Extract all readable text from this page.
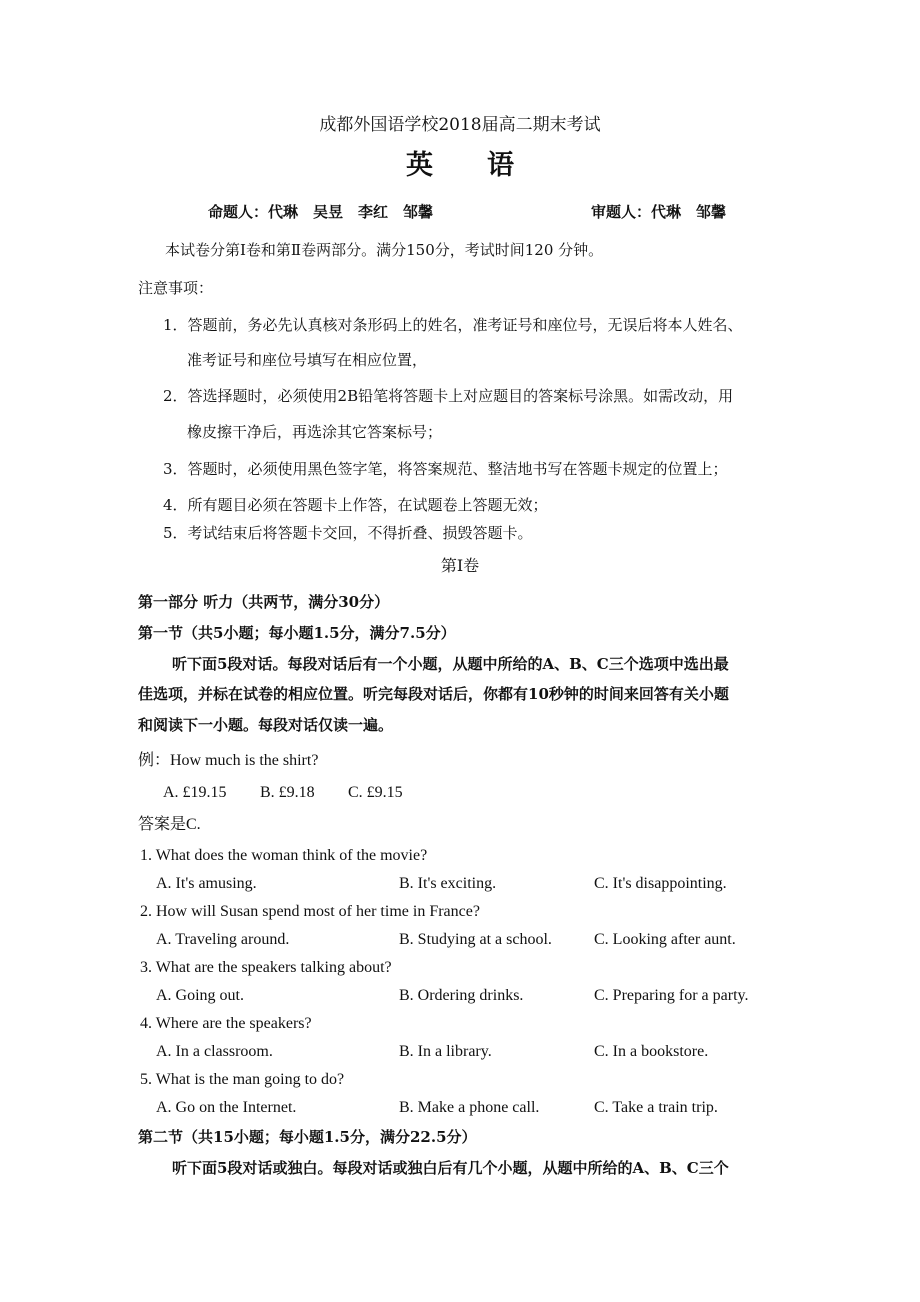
成都外国语学校2018届高二期末考试
英　　语
命题人：代琳　吴昱　李红　邹馨	审题人：代琳　邹馨
本试卷分第Ⅰ卷和第Ⅱ卷两部分。满分150分，考试时间120 分钟。
注意事项：
1．答题前，务必先认真核对条形码上的姓名，准考证号和座位号，无误后将本人姓名、
准考证号和座位号填写在相应位置，
2．答选择题时，必须使用2B铅笔将答题卡上对应题目的答案标号涂黑。如需改动，用
橡皮擦干净后，再选涂其它答案标号；
3．答题时，必须使用黑色签字笔，将答案规范、整洁地书写在答题卡规定的位置上；
4．所有题目必须在答题卡上作答，在试题卷上答题无效；
5．考试结束后将答题卡交回，不得折叠、损毁答题卡。
第Ⅰ卷
第一部分 听力（共两节，满分30分）
第一节（共5小题；每小题1.5分，满分7.5分）
听下面5段对话。每段对话后有一个小题，从题中所给的A、B、C三个选项中选出最
佳选项，并标在试卷的相应位置。听完每段对话后，你都有10秒钟的时间来回答有关小题
和阅读下一小题。每段对话仅读一遍。
例：How much is the shirt?
A. £19.15 B. £9.18 C. £9.15
答案是C.
1. What does the woman think of the movie?
A. It's amusing.	B. It's exciting.	C. It's disappointing.
2. How will Susan spend most of her time in France?
A. Traveling around.	B. Studying at a school.	C. Looking after aunt.
3. What are the speakers talking about?
A. Going out.	B. Ordering drinks.	C. Preparing for a party.
4. Where are the speakers?
A. In a classroom.	B. In a library.	C. In a bookstore.
5. What is the man going to do?
A. Go on the Internet.	B. Make a phone call.	C. Take a train trip.
第二节（共15小题；每小题1.5分，满分22.5分）
听下面5段对话或独白。每段对话或独白后有几个小题，从题中所给的A、B、C三个
